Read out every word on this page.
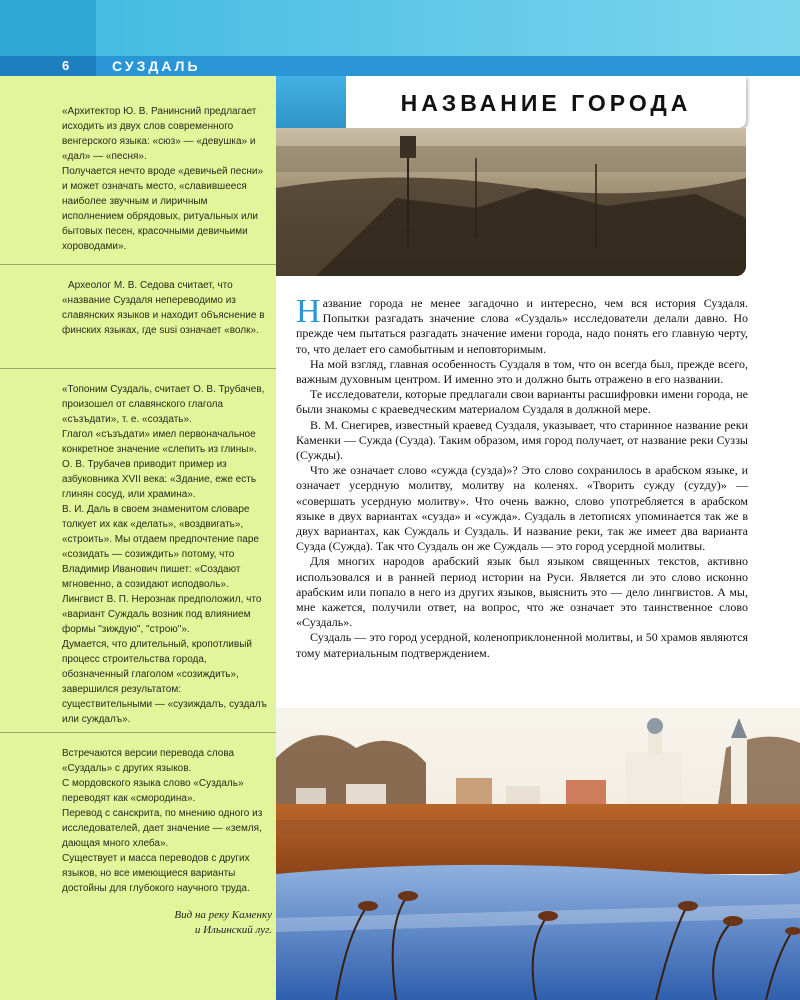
6	СУЗДАЛЬ

«Архитектор Ю. В. Ранинсний предлагает исходить из двух слов современного венгерского языка: «сюз» — «девушка» и «дал» — «песня».

Получается нечто вроде «девичьей песни» и может означать место, «славившееся наиболее звучным и лиричным исполнением обрядовых, ритуальных или бытовых песен, красочными девичьими хороводами».

Археолог М. В. Седова считает, что «название Суздаля непереводимо из славянских языков и находит объяснение в финских языках, где susi означает «волк».

«Топоним Суздаль, считает О. В. Трубачев, произошел от славянского глагола «съзъдати», т. е. «создать».

Глагол «съзъдати» имел первоначальное конкретное значение «слепить из глины». О. В. Трубачев приводит пример из азбуковника XVII века: «Здание, еже есть глинян сосуд, или храмина».

В. И. Даль в своем знаменитом словаре толкует их как «делать», «воздвигать», «строить». Мы отдаем предпочтение паре «созидать — созиждить» потому, что Владимир Иванович пишет: «Создают мгновенно, а созидают исподволь».

Лингвист В. П. Нерознак предположил, что «вариант Суждаль возник под влиянием формы "зиждую", "строю"».

Думается, что длительный, кропотливый процесс строительства города, обозначенный глаголом «созиждить», завершился результатом: существительными — «сузиждалъ, суздалъ или суждалъ».

Встречаются версии перевода слова «Суздаль» с других языков.

С мордовского языка слово «Суздаль» переводят как «смородина».

Перевод с санскрита, по мнению одного из исследователей, дает значение — «земля, дающая много хлеба».

Существует и масса переводов с других языков, но все имеющиеся варианты достойны для глубокого научного труда.

Вид на реку Каменку
и Ильинский луг.
НАЗВАНИЕ ГОРОДА

Название города не менее загадочно и интересно, чем вся история Суздаля. Попытки разгадать значение слова «Суздаль» исследователи делали давно. Но прежде чем пытаться разгадать значение имени города, надо понять его главную черту, то, что делает его самобытным и неповторимым.

На мой взгляд, главная особенность Суздаля в том, что он всегда был, прежде всего, важным духовным центром. И именно это и должно быть отражено в его названии.

Те исследователи, которые предлагали свои варианты расшифровки имени города, не были знакомы с краеведческим материалом Суздаля в должной мере.

В. М. Снегирев, известный краевед Суздаля, указывает, что старинное название реки Каменки — Сужда (Суздa). Таким образом, имя город получает, от название реки Суззы (Сужды).

Что же означает слово «сужда (суздa)»? Это слово сохранилось в арабском языке, и означает усердную молитву, молитву на коленях. «Творить сужду (суzду)» — «совершать усердную молитву». Что очень важно, слово употребляется в арабском языке в двух вариантах «сузда» и «сужда». Суздаль в летописях упоминается так же в двух вариантах, как Суждаль и Суздаль. И название реки, так же имеет два варианта Сузда (Сужда). Так что Суздаль он же Суждаль — это город усердной молитвы.

Для многих народов арабский язык был языком священных текстов, активно использовался и в ранней период истории на Руси. Является ли это слово исконно арабским или попало в него из других языков, выяснить это — дело лингвистов. А мы, мне кажется, получили ответ, на вопрос, что же означает это таинственное слово «Суздаль».

Суздаль — это город усердной, коленоприклоненной молитвы, и 50 храмов являются тому материальным подтверждением.
